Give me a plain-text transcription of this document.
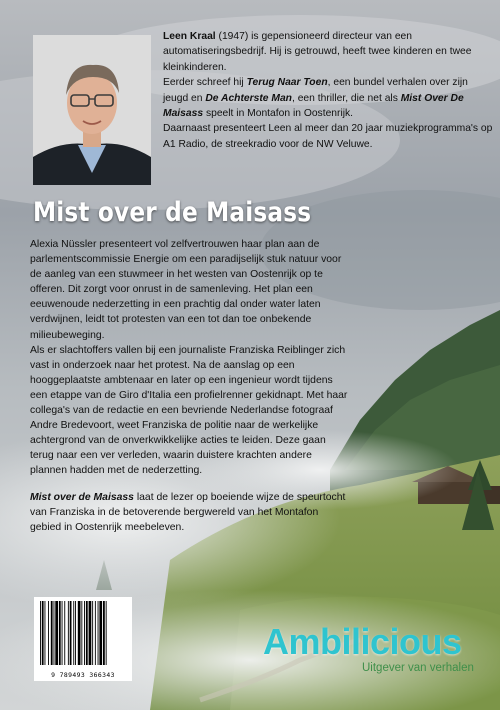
Leen Kraal (1947) is gepensioneerd directeur van een automatiseringsbedrijf. Hij is getrouwd, heeft twee kinderen en twee kleinkinderen.

Eerder schreef hij Terug Naar Toen, een bundel verhalen over zijn jeugd en De Achterste Man, een thriller, die net als Mist Over De Maisass speelt in Montafon in Oostenrijk.

Daarnaast presenteert Leen al meer dan 20 jaar muziekprogramma's op A1 Radio, de streekradio voor de NW Veluwe.

Mist over de Maisass

Alexia Nüssler presenteert vol zelfvertrouwen haar plan aan de parlementscommissie Energie om een paradijselijk stuk natuur voor de aanleg van een stuwmeer in het westen van Oostenrijk op te offeren. Dit zorgt voor onrust in de samenleving. Het plan een eeuwenoude nederzetting in een prachtig dal onder water laten verdwijnen, leidt tot protesten van een tot dan toe onbekende milieubeweging.

Als er slachtoffers vallen bij een journaliste Franziska Reiblinger zich vast in onderzoek naar het protest. Na de aanslag op een hooggeplaatste ambtenaar en later op een ingenieur wordt tijdens een etappe van de Giro d'Italia een profielrenner gekidnapt. Met haar collega's van de redactie en een bevriende Nederlandse fotograaf Andre Bredevoort, weet Franziska de politie naar de werkelijke achtergrond van de onverkwikkelijke acties te leiden. Deze gaan terug naar een ver verleden, waarin duistere krachten andere plannen hadden met de nederzetting.

Mist over de Maisass laat de lezer op boeiende wijze de speurtocht van Franziska in de betoverende bergwereld van het Montafon gebied in Oostenrijk meebeleven.

9 789493 366343
Ambilicious
Uitgever van verhalen
